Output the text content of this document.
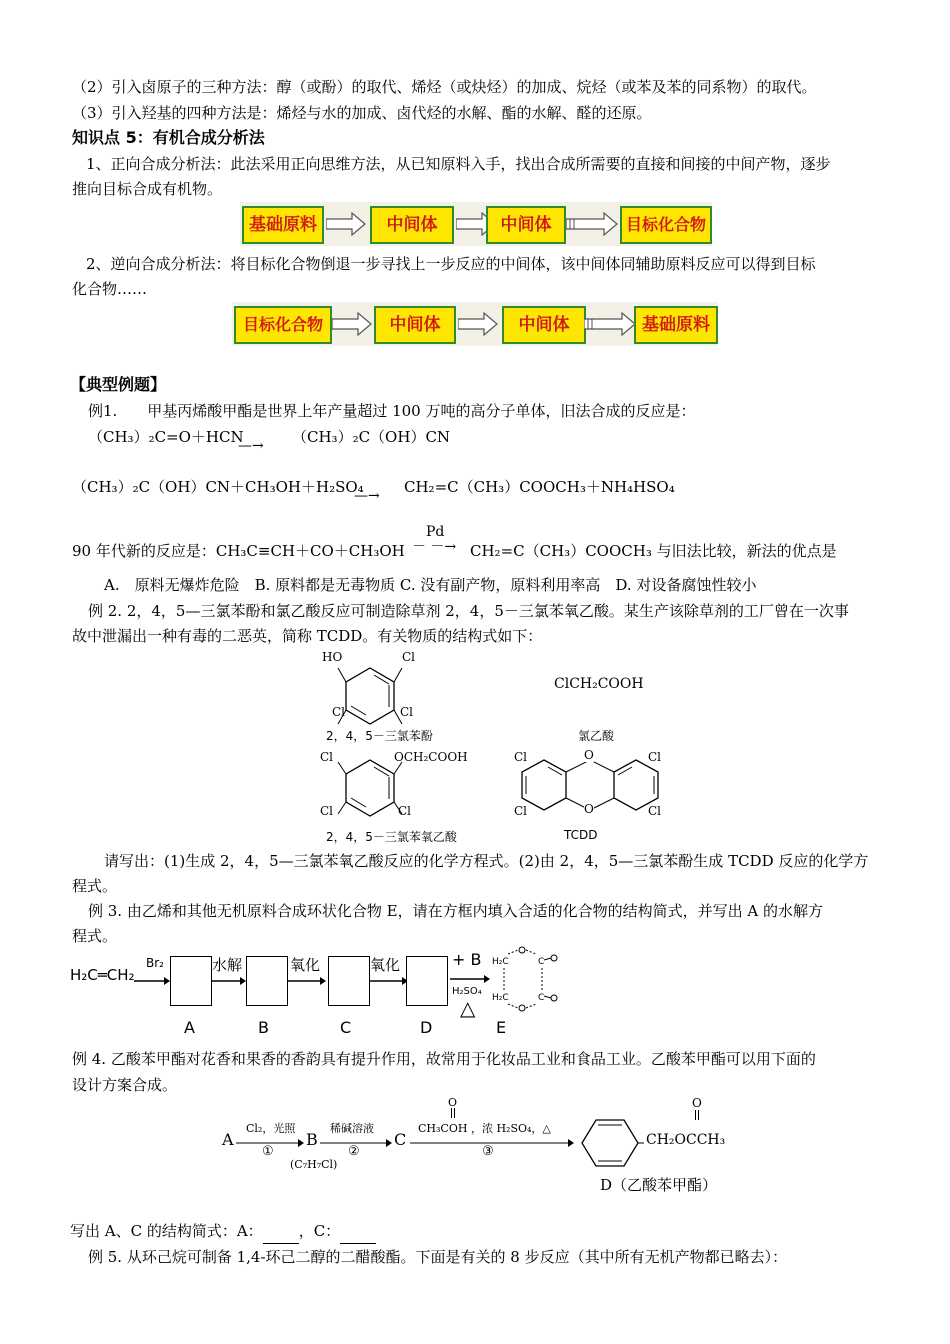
（2）引入卤原子的三种方法：醇（或酚）的取代、烯烃（或炔烃）的加成、烷烃（或苯及苯的同系物）的取代。
（3）引入羟基的四种方法是：烯烃与水的加成、卤代烃的水解、酯的水解、醛的还原。
知识点 5：有机合成分析法
1、正向合成分析法：此法采用正向思维方法，从已知原料入手，找出合成所需要的直接和间接的中间产物，逐步
推向目标合成有机物。
基础原料	中间体	中间体	目标化合物
2、逆向合成分析法：将目标化合物倒退一步寻找上一步反应的中间体，该中间体同辅助原料反应可以得到目标
化合物……
目标化合物	中间体	中间体	基础原料
【典型例题】
例1.　　甲基丙烯酸甲酯是世界上年产量超过 100 万吨的高分子单体，旧法合成的反应是：
（CH₃）₂C=O＋HCN
—→ （CH₃）₂C（OH）CN
（CH₃）₂C（OH）CN＋CH₃OH＋H₂SO₄
—→ CH₂=C（CH₃）COOCH₃＋NH₄HSO₄
90 年代新的反应是：CH₃C≡CH＋CO＋CH₃OH
Pd
－ －→ CH₂=C（CH₃）COOCH₃ 与旧法比较，新法的优点是
A.　原料无爆炸危险　B. 原料都是无毒物质 C. 没有副产物，原料利用率高　D. 对设备腐蚀性较小
例 2. 2，4，5—三氯苯酚和氯乙酸反应可制造除草剂 2，4，5－三氯苯氧乙酸。某生产该除草剂的工厂曾在一次事
故中泄漏出一种有毒的二恶英，简称 TCDD。有关物质的结构式如下：
HO	Cl
Cl	Cl
2，4，5－三氯苯酚
ClCH₂COOH
氯乙酸
Cl	OCH₂COOH
Cl	Cl
2，4，5－三氯苯氧乙酸
Cl	Cl
Cl	Cl
O
O
TCDD
请写出：(1)生成 2，4，5—三氯苯氧乙酸反应的化学方程式。(2)由 2，4，5—三氯苯酚生成 TCDD 反应的化学方
程式。
例 3. 由乙烯和其他无机原料合成环状化合物 E，请在方框内填入合适的化合物的结构简式，并写出 A 的水解方
程式。
H₂C═CH₂
Br₂	水解	氧化	氧化	+ B
H₂SO₄
△
H₂C
H₂C
C
C
A	B	C	D	E
例 4. 乙酸苯甲酯对花香和果香的香韵具有提升作用，故常用于化妆品工业和食品工业。乙酸苯甲酯可以用下面的
设计方案合成。
A
Cl₂，光照
①
B
(C₇H₇Cl)
稀碱溶液
②
C
O
CH₃COH ，浓 H₂SO₄，△
③
O
CH₂OCCH₃
D（乙酸苯甲酯）
写出 A、C 的结构简式：A： ，C：
例 5. 从环己烷可制备 1,4-环己二醇的二醋酸酯。下面是有关的 8 步反应（其中所有无机产物都已略去）：
